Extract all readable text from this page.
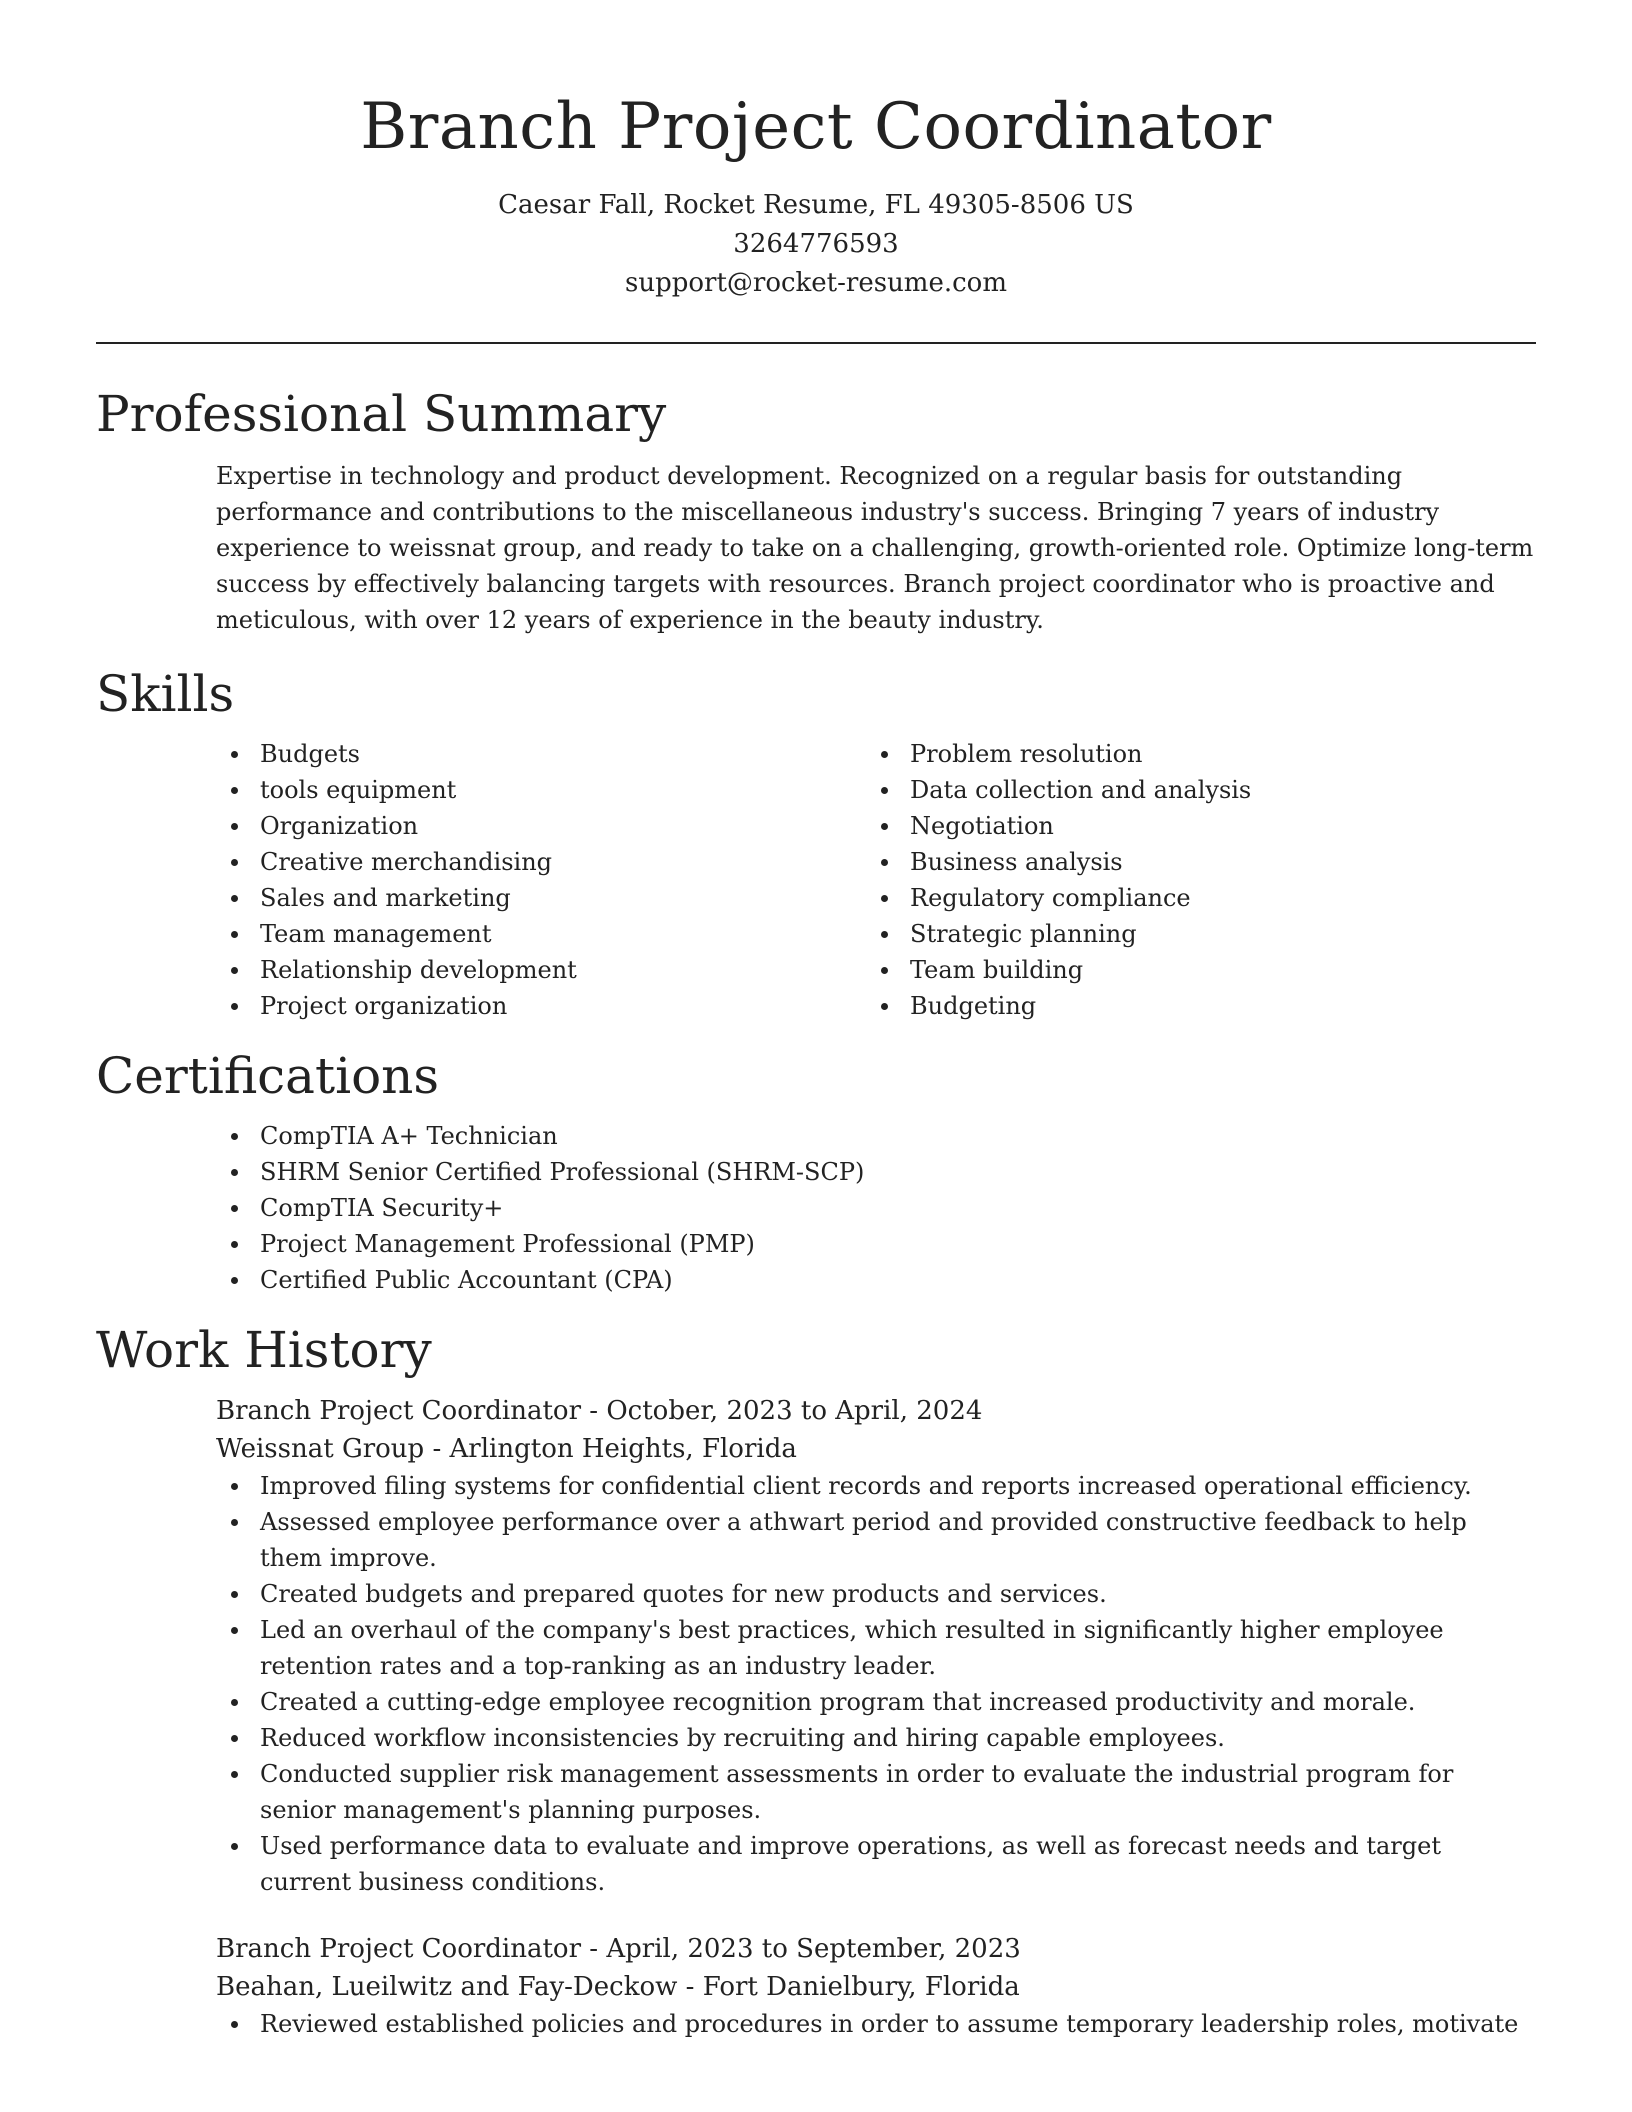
Branch Project Coordinator
Caesar Fall, Rocket Resume, FL 49305-8506 US
3264776593
support@rocket-resume.com
Professional Summary

Expertise in technology and product development. Recognized on a regular basis for outstanding performance and contributions to the miscellaneous industry's success. Bringing 7 years of industry experience to weissnat group, and ready to take on a challenging, growth-oriented role. Optimize long-term success by effectively balancing targets with resources. Branch project coordinator who is proactive and meticulous, with over 12 years of experience in the beauty industry.

Skills
Budgets
tools equipment
Organization
Creative merchandising
Sales and marketing
Team management
Relationship development
Project organization
Problem resolution
Data collection and analysis
Negotiation
Business analysis
Regulatory compliance
Strategic planning
Team building
Budgeting
Certifications
CompTIA A+ Technician
SHRM Senior Certified Professional (SHRM-SCP)
CompTIA Security+
Project Management Professional (PMP)
Certified Public Accountant (CPA)
Work History
Branch Project Coordinator - October, 2023 to April, 2024
Weissnat Group - Arlington Heights, Florida
Improved filing systems for confidential client records and reports increased operational efficiency.
Assessed employee performance over a athwart period and provided constructive feedback to help them improve.
Created budgets and prepared quotes for new products and services.
Led an overhaul of the company's best practices, which resulted in significantly higher employee retention rates and a top-ranking as an industry leader.
Created a cutting-edge employee recognition program that increased productivity and morale.
Reduced workflow inconsistencies by recruiting and hiring capable employees.
Conducted supplier risk management assessments in order to evaluate the industrial program for senior management's planning purposes.
Used performance data to evaluate and improve operations, as well as forecast needs and target current business conditions.
Branch Project Coordinator - April, 2023 to September, 2023
Beahan, Lueilwitz and Fay-Deckow - Fort Danielbury, Florida
Reviewed established policies and procedures in order to assume temporary leadership roles, motivate
